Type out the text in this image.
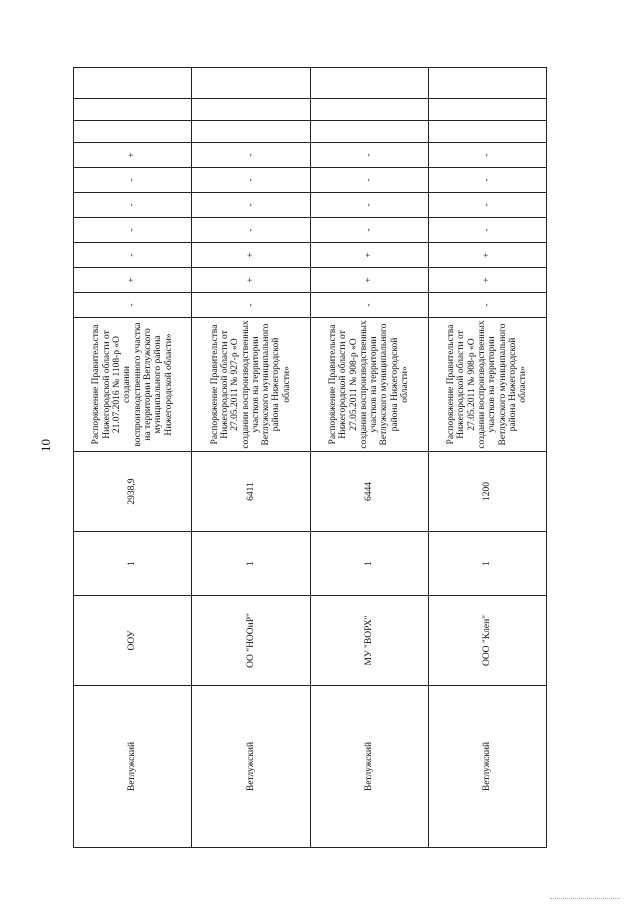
10
Ветлужский	ООУ	1	2938,9	Распоряжение Правительства Нижегородской области от 21.07.2016 № 1108-р «О создании воспроизводственного участка на территории Ветлужского муниципального района Нижегородской области»	-	+	-	-	-	-	+			
Ветлужский	ОО "НООиР"	1	6411	Распоряжение Правительства Нижегородской области от 27.05.2011 № 927-р «О создании воспроизводственных участков на территории Ветлужского муниципального района Нижегородской области»	-	+	+	-	-	-	-			
Ветлужский	МУ "ВОРХ"	1	6444	Распоряжение Правительства Нижегородской области от 27.05.2011 № 908-р «О создании воспроизводственных участков на территории Ветлужского муниципального района Нижегородской области»	-	+	+	-	-	-	-			
Ветлужский	ООО "Клен"	1	1200	Распоряжение Правительства Нижегородской области от 27.05.2011 № 908-р «О создании воспроизводственных участков на территории Ветлужского муниципального района Нижегородской области»	-	+	+	-	-	-	-			
